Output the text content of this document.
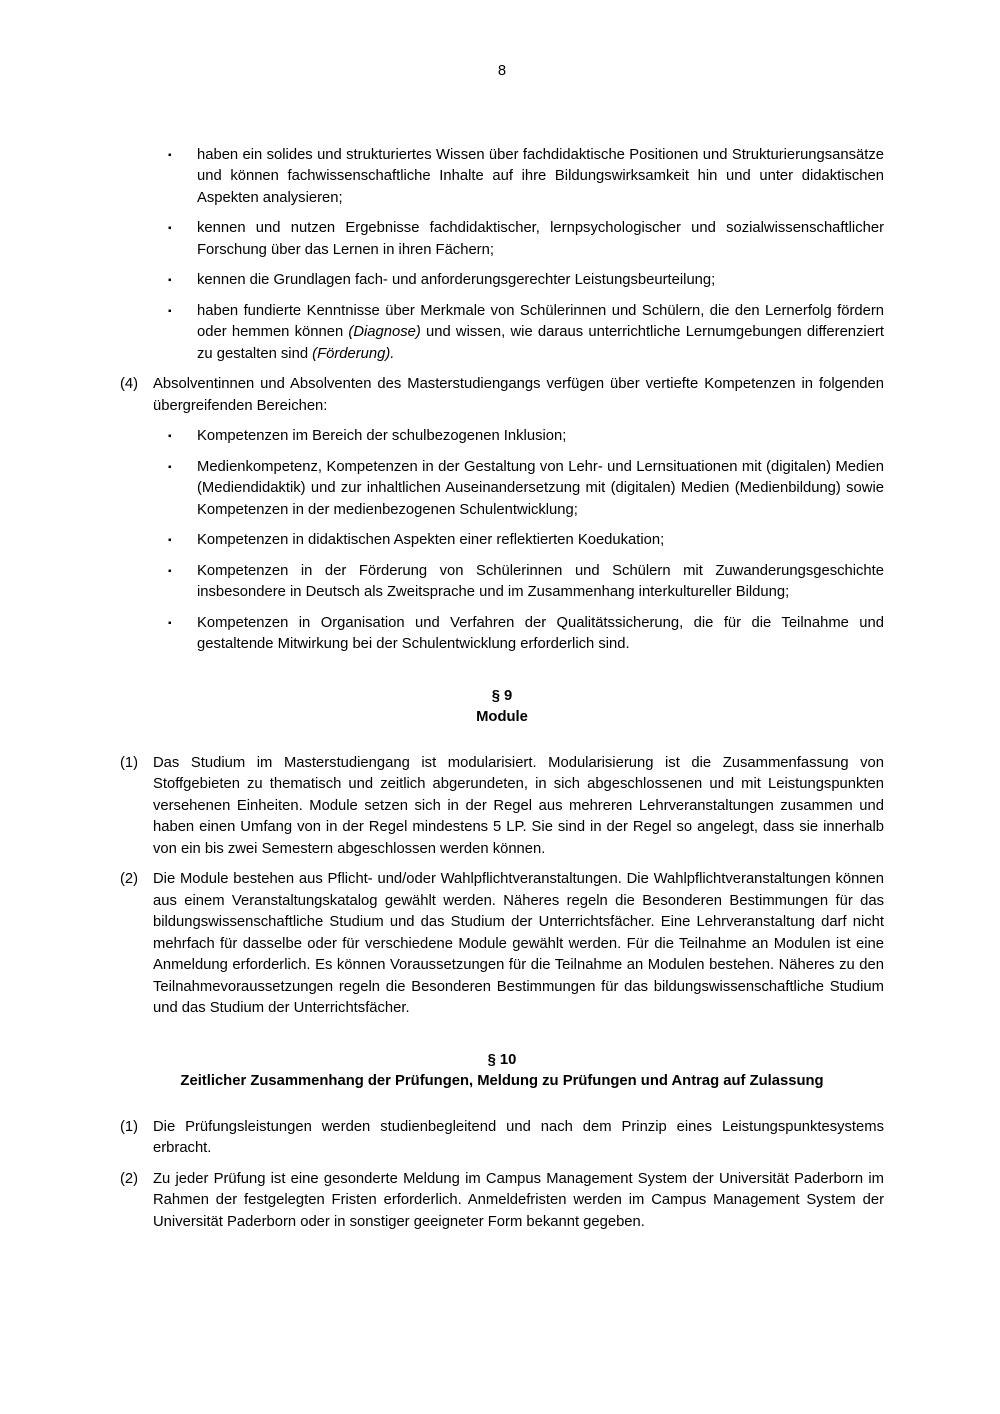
8
▪ haben ein solides und strukturiertes Wissen über fachdidaktische Positionen und Strukturierungsansätze und können fachwissenschaftliche Inhalte auf ihre Bildungswirksamkeit hin und unter didaktischen Aspekten analysieren;
▪ kennen und nutzen Ergebnisse fachdidaktischer, lernpsychologischer und sozialwissenschaftlicher Forschung über das Lernen in ihren Fächern;
▪ kennen die Grundlagen fach- und anforderungsgerechter Leistungsbeurteilung;
▪ haben fundierte Kenntnisse über Merkmale von Schülerinnen und Schülern, die den Lernerfolg fördern oder hemmen können (Diagnose) und wissen, wie daraus unterrichtliche Lernumgebungen differenziert zu gestalten sind (Förderung).
(4)	Absolventinnen und Absolventen des Masterstudiengangs verfügen über vertiefte Kompetenzen in folgenden übergreifenden Bereichen:
▪ Kompetenzen im Bereich der schulbezogenen Inklusion;
▪ Medienkompetenz, Kompetenzen in der Gestaltung von Lehr- und Lernsituationen mit (digitalen) Medien (Mediendidaktik) und zur inhaltlichen Auseinandersetzung mit (digitalen) Medien (Medienbildung) sowie Kompetenzen in der medienbezogenen Schulentwicklung;
▪ Kompetenzen in didaktischen Aspekten einer reflektierten Koedukation;
▪ Kompetenzen in der Förderung von Schülerinnen und Schülern mit Zuwanderungsgeschichte insbesondere in Deutsch als Zweitsprache und im Zusammenhang interkultureller Bildung;
▪ Kompetenzen in Organisation und Verfahren der Qualitätssicherung, die für die Teilnahme und gestaltende Mitwirkung bei der Schulentwicklung erforderlich sind.
§ 9
Module
(1)	Das Studium im Masterstudiengang ist modularisiert. Modularisierung ist die Zusammenfassung von Stoffgebieten zu thematisch und zeitlich abgerundeten, in sich abgeschlossenen und mit Leistungspunkten versehenen Einheiten. Module setzen sich in der Regel aus mehreren Lehrveranstaltungen zusammen und haben einen Umfang von in der Regel mindestens 5 LP. Sie sind in der Regel so angelegt, dass sie innerhalb von ein bis zwei Semestern abgeschlossen werden können.
(2)	Die Module bestehen aus Pflicht- und/oder Wahlpflichtveranstaltungen. Die Wahlpflichtveranstaltungen können aus einem Veranstaltungskatalog gewählt werden. Näheres regeln die Besonderen Bestimmungen für das bildungswissenschaftliche Studium und das Studium der Unterrichtsfächer. Eine Lehrveranstaltung darf nicht mehrfach für dasselbe oder für verschiedene Module gewählt werden. Für die Teilnahme an Modulen ist eine Anmeldung erforderlich. Es können Voraussetzungen für die Teilnahme an Modulen bestehen. Näheres zu den Teilnahmevoraussetzungen regeln die Besonderen Bestimmungen für das bildungswissenschaftliche Studium und das Studium der Unterrichtsfächer.
§ 10
Zeitlicher Zusammenhang der Prüfungen, Meldung zu Prüfungen und Antrag auf Zulassung
(1)	Die Prüfungsleistungen werden studienbegleitend und nach dem Prinzip eines Leistungspunktesystems erbracht.
(2)	Zu jeder Prüfung ist eine gesonderte Meldung im Campus Management System der Universität Paderborn im Rahmen der festgelegten Fristen erforderlich. Anmeldefristen werden im Campus Management System der Universität Paderborn oder in sonstiger geeigneter Form bekannt gegeben.
